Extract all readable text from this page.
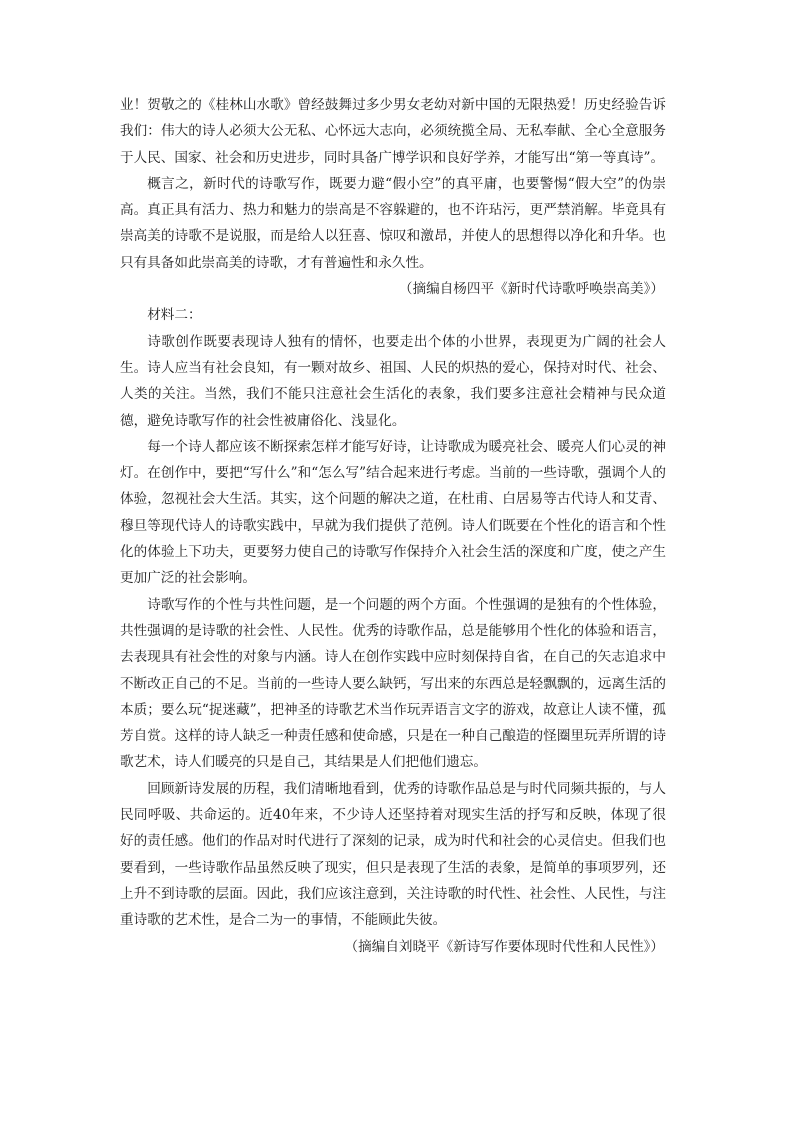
业！贺敬之的《桂林山水歌》曾经鼓舞过多少男女老幼对新中国的无限热爱！历史经验告诉我们：伟大的诗人必须大公无私、心怀远大志向，必须统揽全局、无私奉献、全心全意服务于人民、国家、社会和历史进步，同时具备广博学识和良好学养，才能写出“第一等真诗”。

概言之，新时代的诗歌写作，既要力避“假小空”的真平庸，也要警惕“假大空”的伪崇高。真正具有活力、热力和魅力的崇高是不容躲避的，也不许玷污，更严禁消解。毕竟具有崇高美的诗歌不是说服，而是给人以狂喜、惊叹和激昂，并使人的思想得以净化和升华。也只有具备如此崇高美的诗歌，才有普遍性和永久性。

（摘编自杨四平《新时代诗歌呼唤崇高美》）

材料二：

诗歌创作既要表现诗人独有的情怀，也要走出个体的小世界，表现更为广阔的社会人生。诗人应当有社会良知，有一颗对故乡、祖国、人民的炽热的爱心，保持对时代、社会、人类的关注。当然，我们不能只注意社会生活化的表象，我们要多注意社会精神与民众道德，避免诗歌写作的社会性被庸俗化、浅显化。

每一个诗人都应该不断探索怎样才能写好诗，让诗歌成为暖亮社会、暖亮人们心灵的神灯。在创作中，要把“写什么”和“怎么写”结合起来进行考虑。当前的一些诗歌，强调个人的体验，忽视社会大生活。其实，这个问题的解决之道，在杜甫、白居易等古代诗人和艾青、穆旦等现代诗人的诗歌实践中，早就为我们提供了范例。诗人们既要在个性化的语言和个性化的体验上下功夫，更要努力使自己的诗歌写作保持介入社会生活的深度和广度，使之产生更加广泛的社会影响。

诗歌写作的个性与共性问题，是一个问题的两个方面。个性强调的是独有的个性体验，共性强调的是诗歌的社会性、人民性。优秀的诗歌作品，总是能够用个性化的体验和语言，去表现具有社会性的对象与内涵。诗人在创作实践中应时刻保持自省，在自己的矢志追求中不断改正自己的不足。当前的一些诗人要么缺钙，写出来的东西总是轻飘飘的，远离生活的本质；要么玩“捉迷藏”，把神圣的诗歌艺术当作玩弄语言文字的游戏，故意让人读不懂，孤芳自赏。这样的诗人缺乏一种责任感和使命感，只是在一种自己酿造的怪圈里玩弄所谓的诗歌艺术，诗人们暖亮的只是自己，其结果是人们把他们遗忘。

回顾新诗发展的历程，我们清晰地看到，优秀的诗歌作品总是与时代同频共振的，与人民同呼吸、共命运的。近40年来，不少诗人还坚持着对现实生活的抒写和反映，体现了很好的责任感。他们的作品对时代进行了深刻的记录，成为时代和社会的心灵信史。但我们也要看到，一些诗歌作品虽然反映了现实，但只是表现了生活的表象，是简单的事项罗列，还上升不到诗歌的层面。因此，我们应该注意到，关注诗歌的时代性、社会性、人民性，与注重诗歌的艺术性，是合二为一的事情，不能顾此失彼。

（摘编自刘晓平《新诗写作要体现时代性和人民性》）
